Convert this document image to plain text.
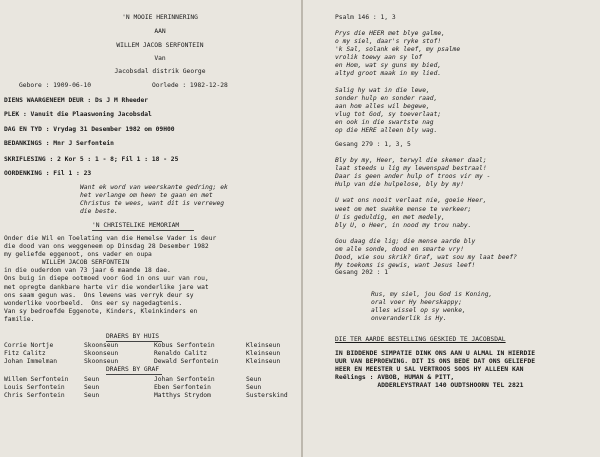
'N MOOIE HERINNERING
AAN
WILLEM JACOB SERFONTEIN
Van
Jacobsdal distrik George
Gebore : 1909-06-10	Oorlede : 1982-12-28
DIENS WAARGENEEM DEUR : Ds J M Rheeder
PLEK : Vanuit die Plaaswoning Jacobsdal
DAG EN TYD : Vrydag 31 Desember 1982 om 09H00
BEDANKINGS : Mnr J Serfontein
SKRIFLESING : 2 Kor 5 : 1 - 8; Fil 1 : 18 - 25
OORDENKING : Fil 1 : 23
Want ek word van weerskante gedring; ek
het verlange om heen te gaan en met
Christus te wees, want dit is verreweg
die beste.
'N CHRISTELIKE MEMORIAM
Onder die Wil en Toelating van die Hemelse Vader is deur
die dood van ons weggeneem op Dinsdag 28 Desember 1982
my geliefde eggenoot, ons vader en oupa
WILLEM JACOB SERFONTEIN
in die ouderdom van 73 jaar 6 maande 18 dae.
Ons buig in diepe ootmoed voor God in ons uur van rou,
met opregte dankbare harte vir die wonderlike jare wat
ons saam gegun was.  Ons lewens was verryk deur sy
wonderlike voorbeeld.  Ons eer sy nagedagtenis.
Van sy bedroefde Eggenote, Kinders, Kleinkinders en
familie.
DRAERS BY HUIS
Corrie Nortje	Skoonseun	Kobus Serfontein	Kleinseun
Fitz Calitz	Skoonseun	Renaldo Calitz	Kleinseun
Johan Immelman	Skoonseun	Dewald Serfontein	Kleinseun
DRAERS BY GRAF
Willem Serfontein Seun	Johan Serfontein	Seun
Louis Serfontein	Seun	Eben Serfontein	Seun
Chris Serfontein	Seun	Matthys Strydom	Susterskind
Psalm 146 : 1, 3
Prys die HEER met blye galme,
o my siel, daar's ryke stof!
'k Sal, solank ek leef, my psalme
vrolik toewy aan sy lof
en Hom, wat sy guns my bied,
altyd groot maak in my lied.

Salig hy wat in die lewe,
sonder hulp en sonder raad,
aan hom alles wil begewe,
vlug tot God, sy toeverlaat;
en ook in die swartste nag
op die HERE alleen bly wag.
Gesang 279 : 1, 3, 5
Bly by my, Heer, terwyl die skemer daal;
laat steeds u lig my lewenspad bestraal!
Daar is geen ander hulp of troos vir my -
Hulp van die hulpelose, bly by my!

U wat ons nooit verlaat nie, goeie Heer,
weet om met swakke mense te verkeer;
U is geduldig, en met medely,
bly U, o Heer, in nood my trou naby.

Gou daag die lig; die mense aarde bly
om alle sonde, dood en smarte vry!
Dood, wie sou skrik? Graf, wat sou my laat beef?
My toekoms is gewis, want Jesus leef!
Gesang 202 : 1
Rus, my siel, jou God is Koning,
oral voer Hy heerskappy;
alles wissel op sy wenke,
onveranderlik is Hy.
DIE TER AARDE BESTELLING GESKIED TE JACOBSDAL
IN BIDDENDE SIMPATIE DINK ONS AAN U ALMAL IN HIERDIE
UUR VAN BEPROEWING. DIT IS ONS BEDE DAT ONS GELIEFDE
HEER EN MEESTER U SAL VERTROOS SOOS HY ALLEEN KAN
Reëlings : AVBOB, HUMAN & PITT,
ADDERLEYSTRAAT 140 OUDTSHOORN TEL 2821
